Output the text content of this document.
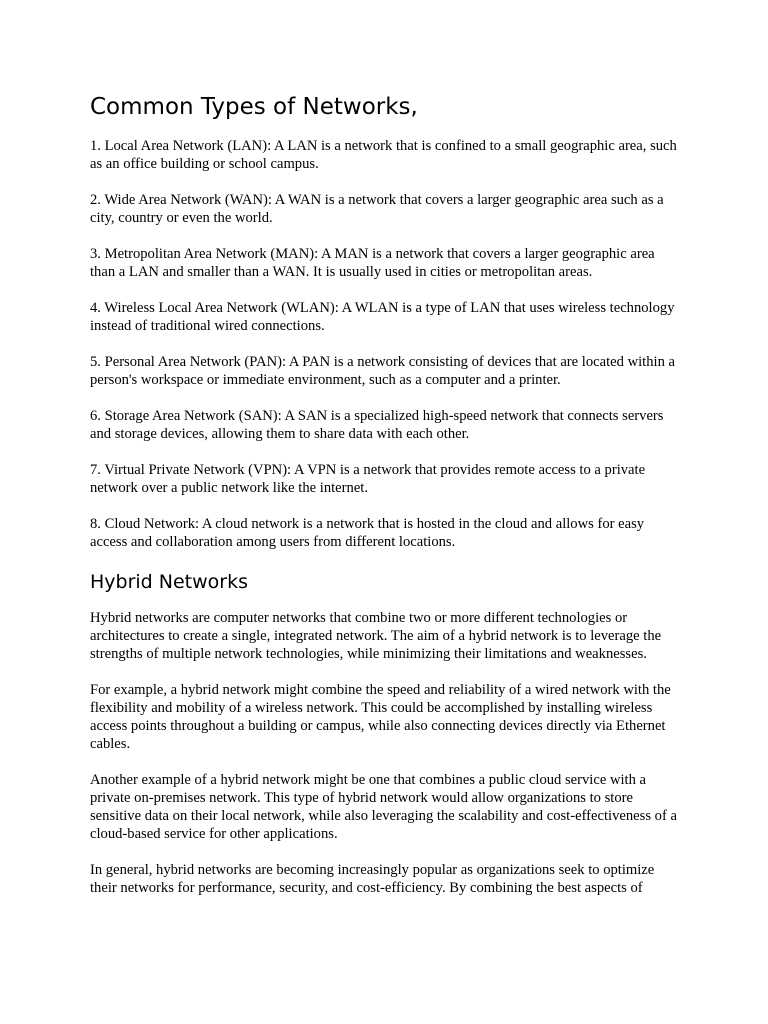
Common Types of Networks,

1. Local Area Network (LAN): A LAN is a network that is confined to a small geographic area, such as an office building or school campus.

2. Wide Area Network (WAN): A WAN is a network that covers a larger geographic area such as a city, country or even the world.

3. Metropolitan Area Network (MAN): A MAN is a network that covers a larger geographic area than a LAN and smaller than a WAN. It is usually used in cities or metropolitan areas.

4. Wireless Local Area Network (WLAN): A WLAN is a type of LAN that uses wireless technology instead of traditional wired connections.

5. Personal Area Network (PAN): A PAN is a network consisting of devices that are located within a person's workspace or immediate environment, such as a computer and a printer.

6. Storage Area Network (SAN): A SAN is a specialized high-speed network that connects servers and storage devices, allowing them to share data with each other.

7. Virtual Private Network (VPN): A VPN is a network that provides remote access to a private network over a public network like the internet.

8. Cloud Network: A cloud network is a network that is hosted in the cloud and allows for easy access and collaboration among users from different locations.

Hybrid Networks

Hybrid networks are computer networks that combine two or more different technologies or architectures to create a single, integrated network. The aim of a hybrid network is to leverage the strengths of multiple network technologies, while minimizing their limitations and weaknesses.

For example, a hybrid network might combine the speed and reliability of a wired network with the flexibility and mobility of a wireless network. This could be accomplished by installing wireless access points throughout a building or campus, while also connecting devices directly via Ethernet cables.

Another example of a hybrid network might be one that combines a public cloud service with a private on-premises network. This type of hybrid network would allow organizations to store sensitive data on their local network, while also leveraging the scalability and cost-effectiveness of a cloud-based service for other applications.

In general, hybrid networks are becoming increasingly popular as organizations seek to optimize their networks for performance, security, and cost-efficiency. By combining the best aspects of
